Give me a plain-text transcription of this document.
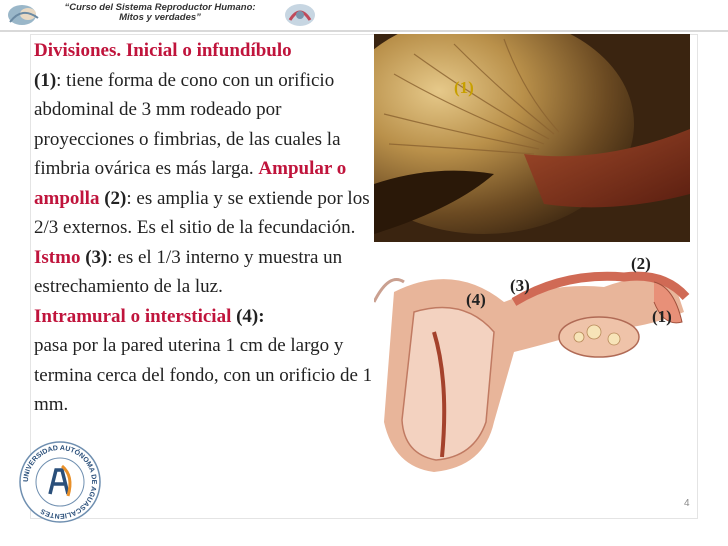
“Curso del Sistema Reproductor Humano:
Mitos y verdades”
(1)
(2)
(3)
(4)
(1)
Divisiones. Inicial o infundíbulo
(1): tiene forma de cono con un orificio abdominal de 3 mm rodeado por proyecciones o fimbrias, de las cuales la fimbria ovárica es más larga. Ampular o ampolla (2): es amplia y se extiende por los 2/3 externos. Es el sitio de la fecundación. Istmo (3): es el 1/3 interno y muestra un estrechamiento de la luz.
Intramural o intersticial (4):
pasa por la pared uterina 1 cm de largo y termina cerca del fondo, con un orificio de 1 mm.
UNIVERSIDAD AUTÓNOMA DE AGUASCALIENTES
4
